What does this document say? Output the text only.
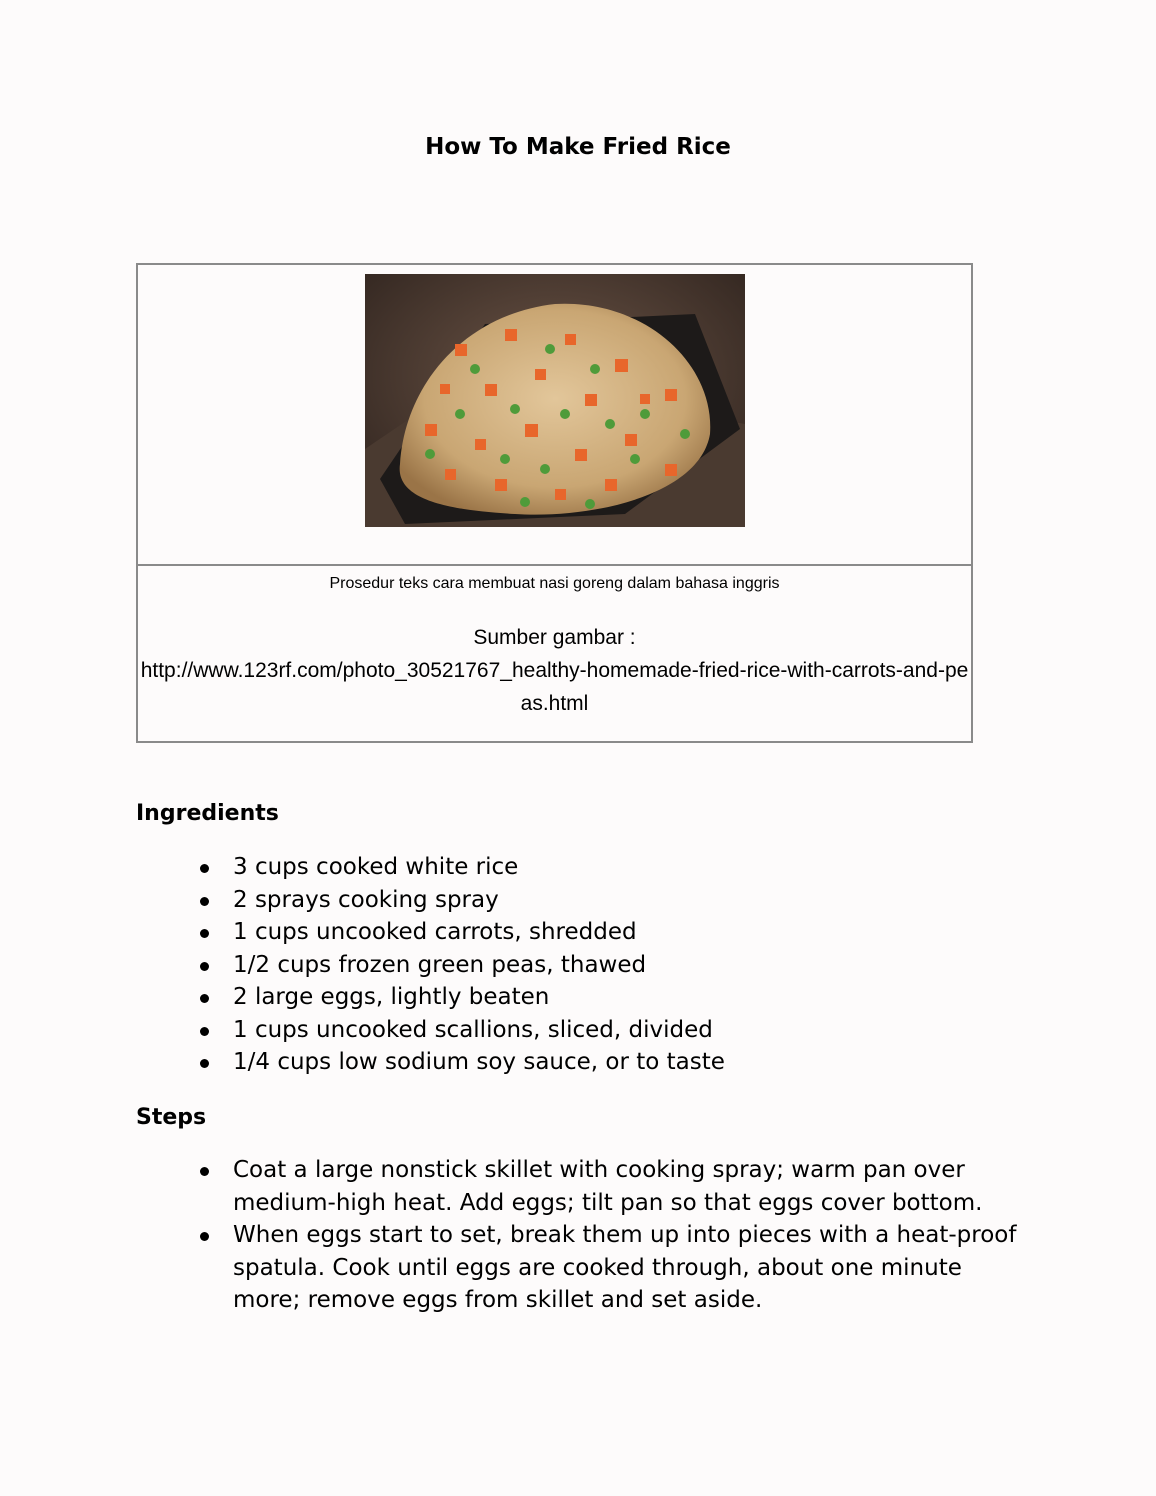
How To Make Fried Rice
Prosedur teks cara membuat nasi goreng dalam bahasa inggris
Sumber gambar :
http://www.123rf.com/photo_30521767_healthy-homemade-fried-rice-with-carrots-and-peas.html
Ingredients
3 cups cooked white rice
2 sprays cooking spray
1 cups uncooked carrots, shredded
1/2 cups frozen green peas, thawed
2 large eggs, lightly beaten
1 cups uncooked scallions, sliced, divided
1/4 cups low sodium soy sauce, or to taste
Steps
Coat a large nonstick skillet with cooking spray; warm pan over medium-high heat. Add eggs; tilt pan so that eggs cover bottom.
When eggs start to set, break them up into pieces with a heat-proof spatula. Cook until eggs are cooked through, about one minute more; remove eggs from skillet and set aside.
